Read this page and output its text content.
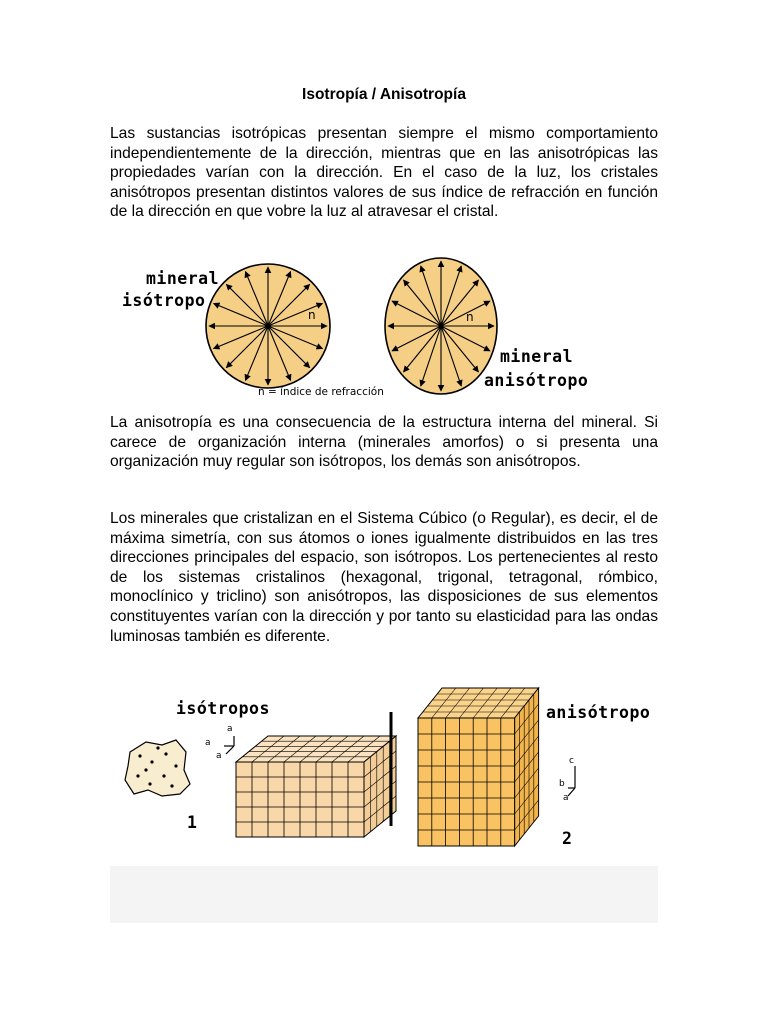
Isotropía / Anisotropía
Las sustancias isotrópicas presentan siempre el mismo comportamiento independientemente de la dirección, mientras que en las anisotrópicas las propiedades varían con la dirección. En el caso de la luz, los cristales anisótropos presentan distintos valores de sus índice de refracción en función de la dirección en que vobre la luz al atravesar el cristal.
mineral
isótropo
mineral
anisótropo
n	n
n = índice de refracción
La anisotropía es una consecuencia de la estructura interna del mineral. Si carece de organización interna (minerales amorfos) o si presenta una organización muy regular son isótropos, los demás son anisótropos.
Los minerales que cristalizan en el Sistema Cúbico (o Regular), es decir, el de máxima simetría, con sus átomos o iones igualmente distribuidos en las tres direcciones principales del espacio, son isótropos. Los pertenecientes al resto de los sistemas cristalinos (hexagonal, trigonal, tetragonal, rómbico, monoclínico y triclino) son anisótropos, las disposiciones de sus elementos constituyentes varían con la dirección y por tanto su elasticidad para las ondas luminosas también es diferente.
isótropos	anisótropo
1
2
a
a
a	c
b
a
